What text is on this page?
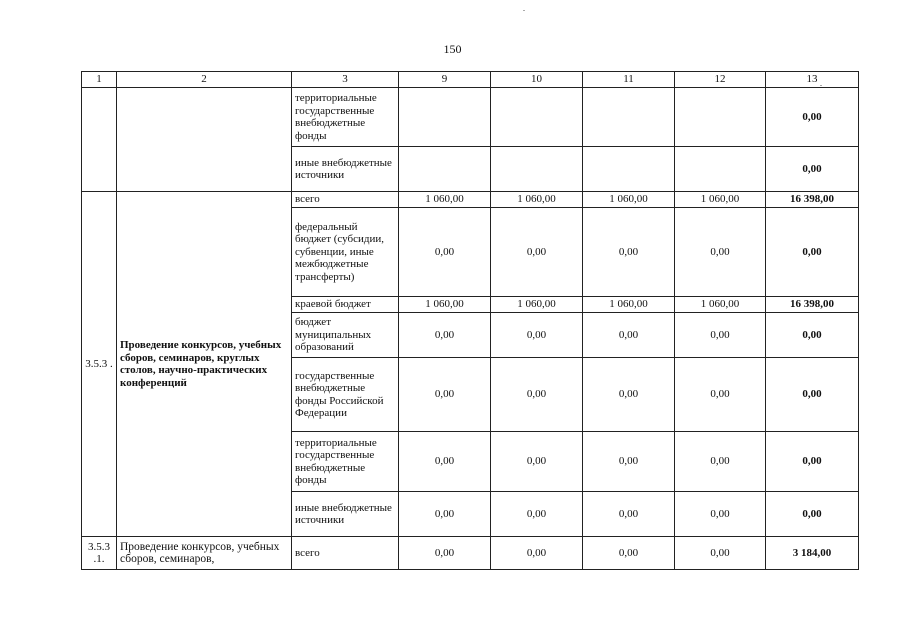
150
1	2	3	9	10	11	12	13
		территориальные государственные внебюджетные фонды					0,00
		иные внебюджетные источники					0,00
3.5.3 .	Проведение конкурсов, учебных сборов, семинаров, круглых столов, научно-практических конференций	всего	1 060,00	1 060,00	1 060,00	1 060,00	16 398,00
		федеральный бюджет (субсидии, субвенции, иные межбюджетные трансферты)	0,00	0,00	0,00	0,00	0,00
		краевой бюджет	1 060,00	1 060,00	1 060,00	1 060,00	16 398,00
		бюджет муниципальных образований	0,00	0,00	0,00	0,00	0,00
		государственные внебюджетные фонды Российской Федерации	0,00	0,00	0,00	0,00	0,00
		территориальные государственные внебюджетные фонды	0,00	0,00	0,00	0,00	0,00
		иные внебюджетные источники	0,00	0,00	0,00	0,00	0,00
3.5.3 .1.	Проведение конкурсов, учебных сборов, семинаров,	всего	0,00	0,00	0,00	0,00	3 184,00
